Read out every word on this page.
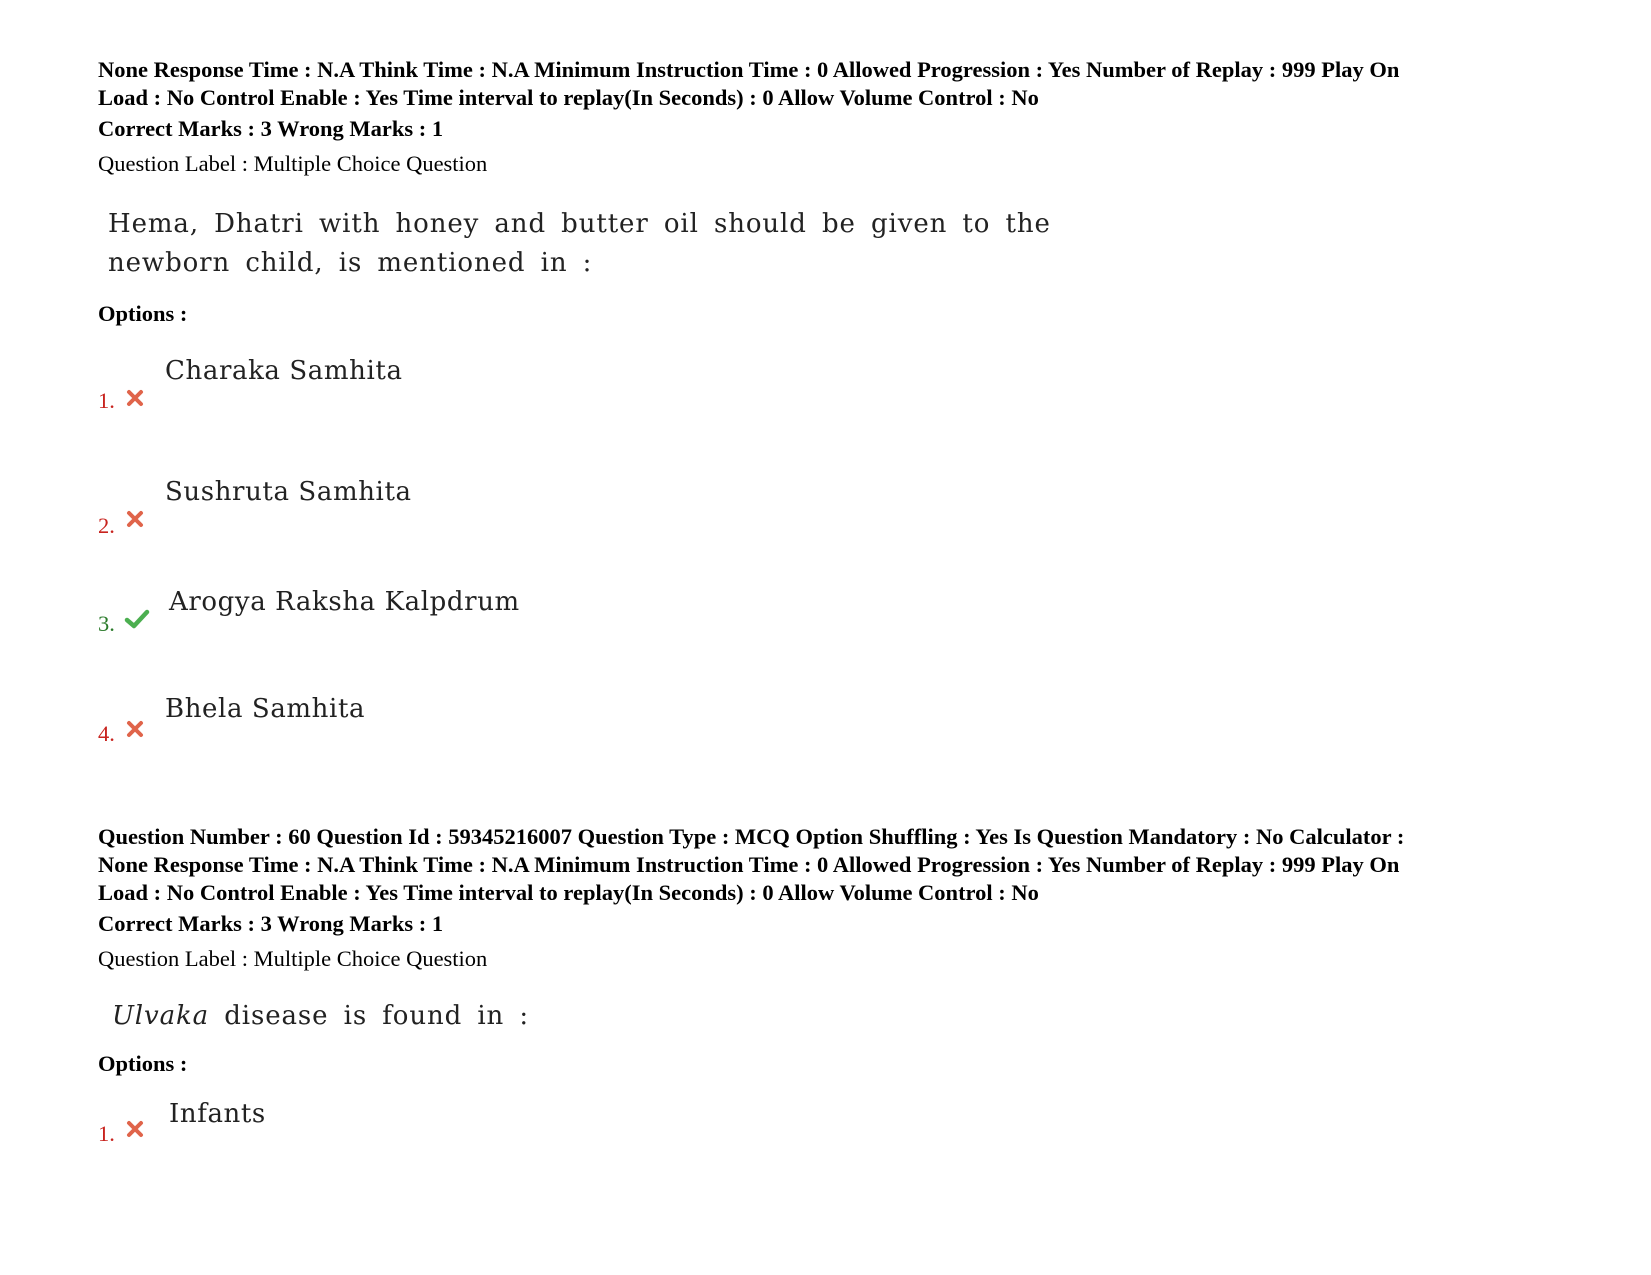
None Response Time : N.A Think Time : N.A Minimum Instruction Time : 0 Allowed Progression : Yes Number of Replay : 999 Play On

Load : No Control Enable : Yes Time interval to replay(In Seconds) : 0 Allow Volume Control : No

Correct Marks : 3 Wrong Marks : 1

Question Label : Multiple Choice Question

Hema, Dhatri with honey and butter oil should be given to the

newborn child, is mentioned in :

Options :

Charaka Samhita
1.
Sushruta Samhita
2.
Arogya Raksha Kalpdrum
3.
Bhela Samhita
4.

Question Number : 60 Question Id : 59345216007 Question Type : MCQ Option Shuffling : Yes Is Question Mandatory : No Calculator :

None Response Time : N.A Think Time : N.A Minimum Instruction Time : 0 Allowed Progression : Yes Number of Replay : 999 Play On

Load : No Control Enable : Yes Time interval to replay(In Seconds) : 0 Allow Volume Control : No

Correct Marks : 3 Wrong Marks : 1

Question Label : Multiple Choice Question

Ulvaka disease is found in :

Options :

Infants
1.
